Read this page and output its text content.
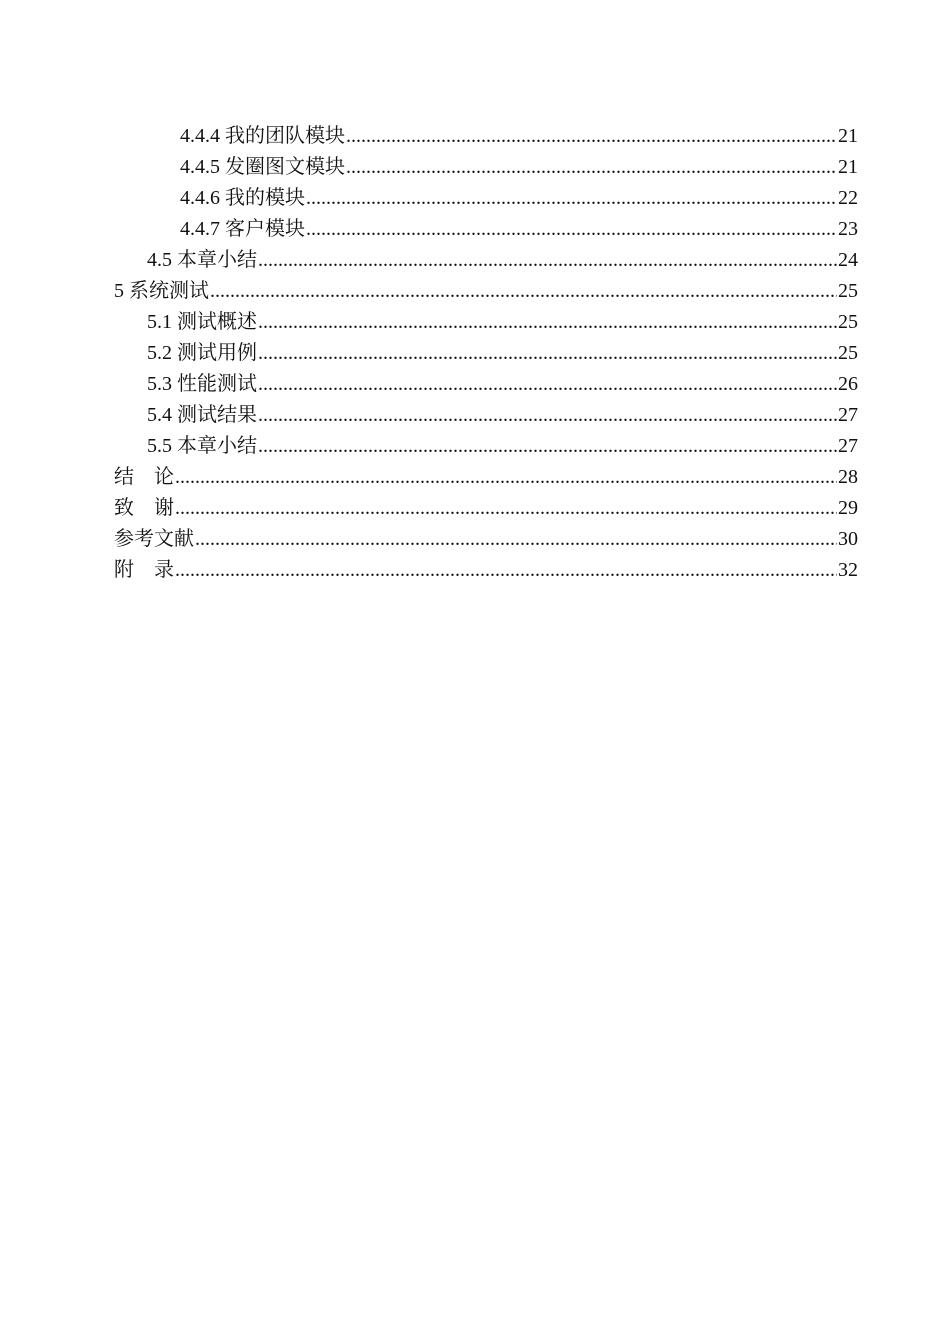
4.4.4 我的团队模块 .....	21
4.4.5 发圈图文模块 .....	21
4.4.6 我的模块 .....	22
4.4.7 客户模块 .....	23
4.5 本章小结 .....	24
5 系统测试 .....	25
5.1 测试概述 .....	25
5.2 测试用例 .....	25
5.3 性能测试 .....	26
5.4 测试结果 .....	27
5.5 本章小结 .....	27
结　论 .....	28
致　谢 .....	29
参考文献 .....	30
附　录 .....	32
